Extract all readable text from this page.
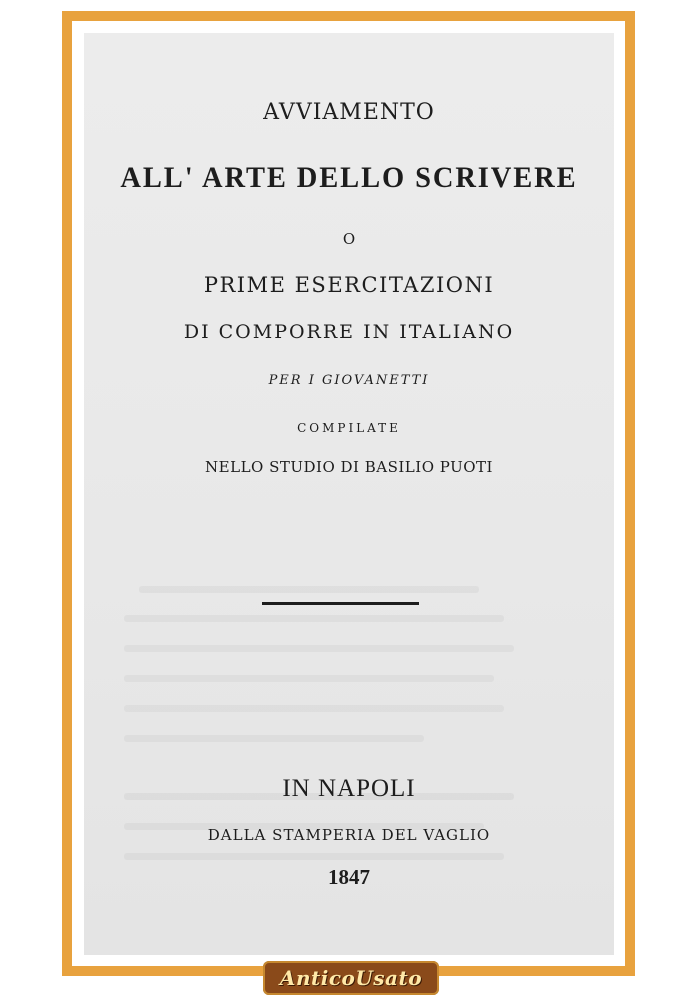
AVVIAMENTO
ALL' ARTE DELLO SCRIVERE
O
PRIME ESERCITAZIONI
DI COMPORRE IN ITALIANO
PER I GIOVANETTI
COMPILATE
NELLO STUDIO DI BASILIO PUOTI
IN NAPOLI
DALLA STAMPERIA DEL VAGLIO
1847
AnticoUsato
